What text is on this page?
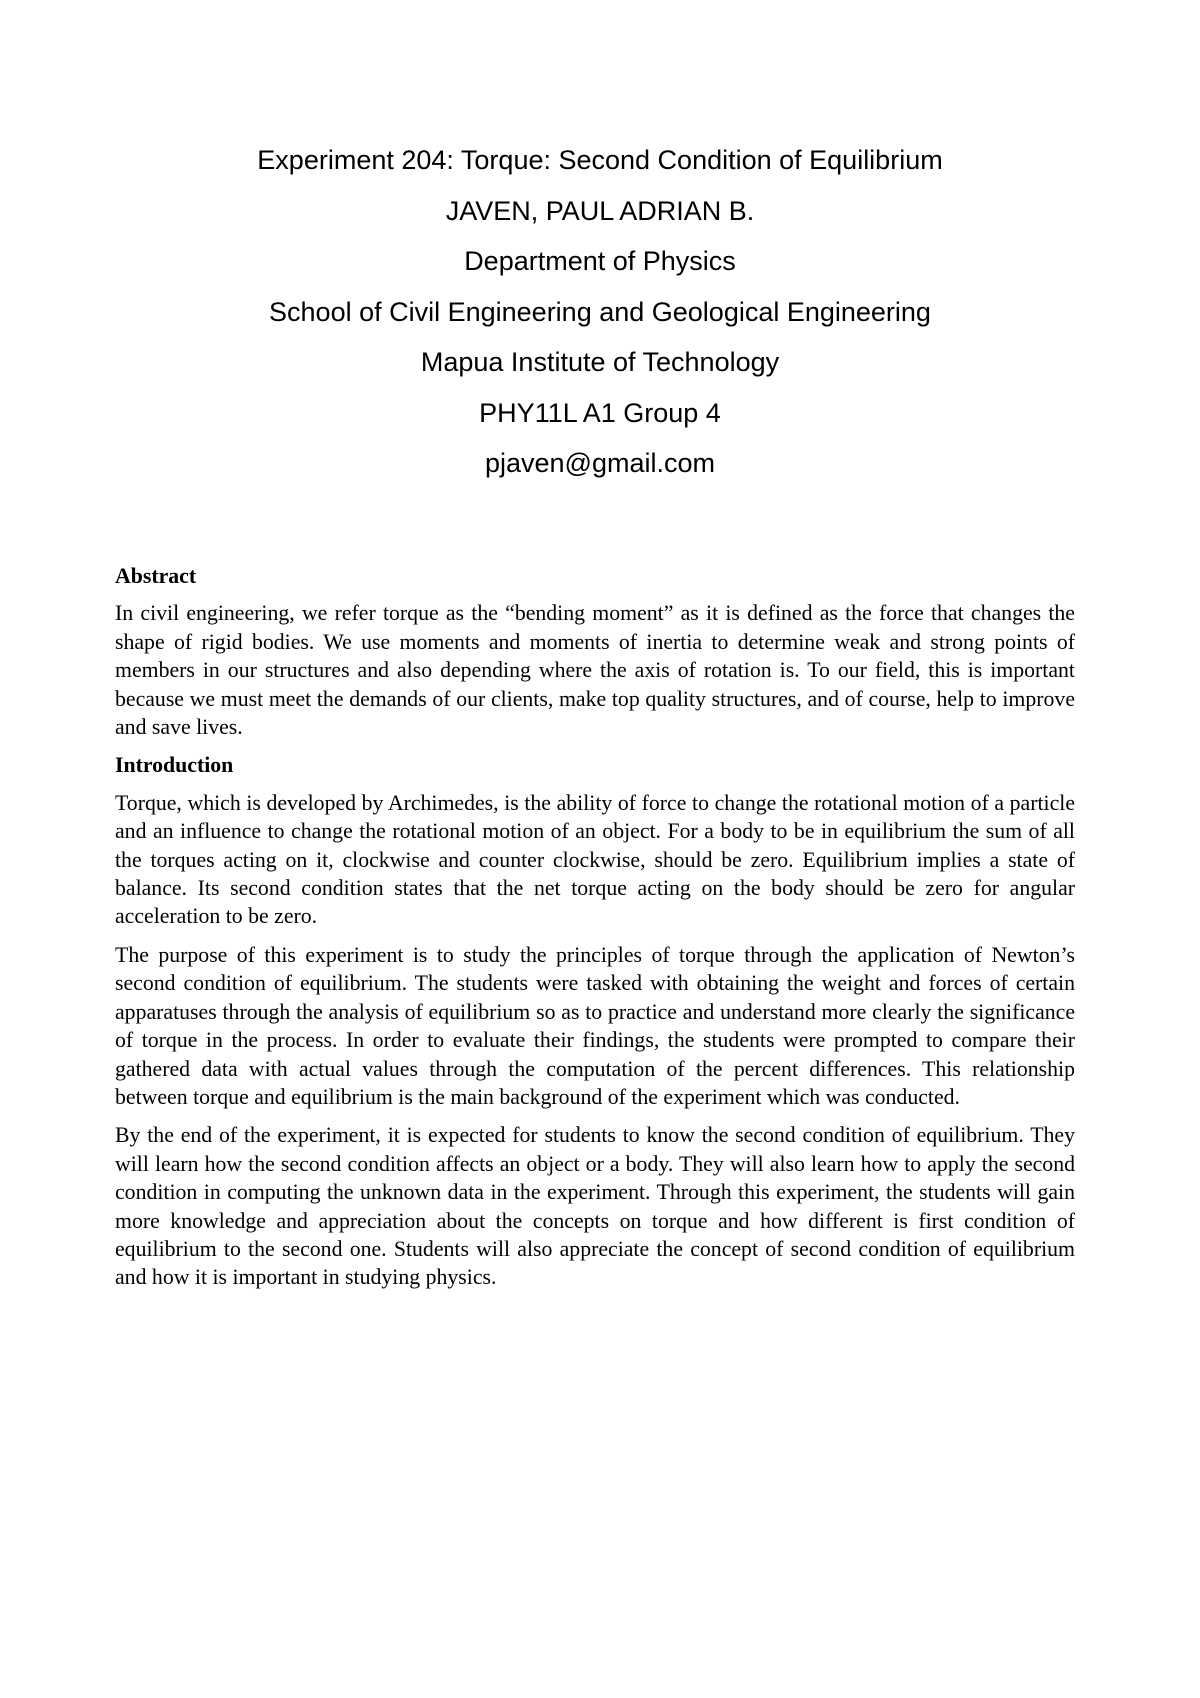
Experiment 204: Torque: Second Condition of Equilibrium
JAVEN, PAUL ADRIAN B.
Department of Physics
School of Civil Engineering and Geological Engineering
Mapua Institute of Technology
PHY11L A1 Group 4
pjaven@gmail.com
Abstract

In civil engineering, we refer torque as the “bending moment” as it is defined as the force that changes the shape of rigid bodies. We use moments and moments of inertia to determine weak and strong points of members in our structures and also depending where the axis of rotation is. To our field, this is important because we must meet the demands of our clients, make top quality structures, and of course, help to improve and save lives.

Introduction

Torque, which is developed by Archimedes, is the ability of force to change the rotational motion of a particle and an influence to change the rotational motion of an object. For a body to be in equilibrium the sum of all the torques acting on it, clockwise and counter clockwise, should be zero. Equilibrium implies a state of balance. Its second condition states that the net torque acting on the body should be zero for angular acceleration to be zero.

The purpose of this experiment is to study the principles of torque through the application of Newton’s second condition of equilibrium. The students were tasked with obtaining the weight and forces of certain apparatuses through the analysis of equilibrium so as to practice and understand more clearly the significance of torque in the process. In order to evaluate their findings, the students were prompted to compare their gathered data with actual values through the computation of the percent differences. This relationship between torque and equilibrium is the main background of the experiment which was conducted.

By the end of the experiment, it is expected for students to know the second condition of equilibrium. They will learn how the second condition affects an object or a body. They will also learn how to apply the second condition in computing the unknown data in the experiment. Through this experiment, the students will gain more knowledge and appreciation about the concepts on torque and how different is first condition of equilibrium to the second one. Students will also appreciate the concept of second condition of equilibrium and how it is important in studying physics.
